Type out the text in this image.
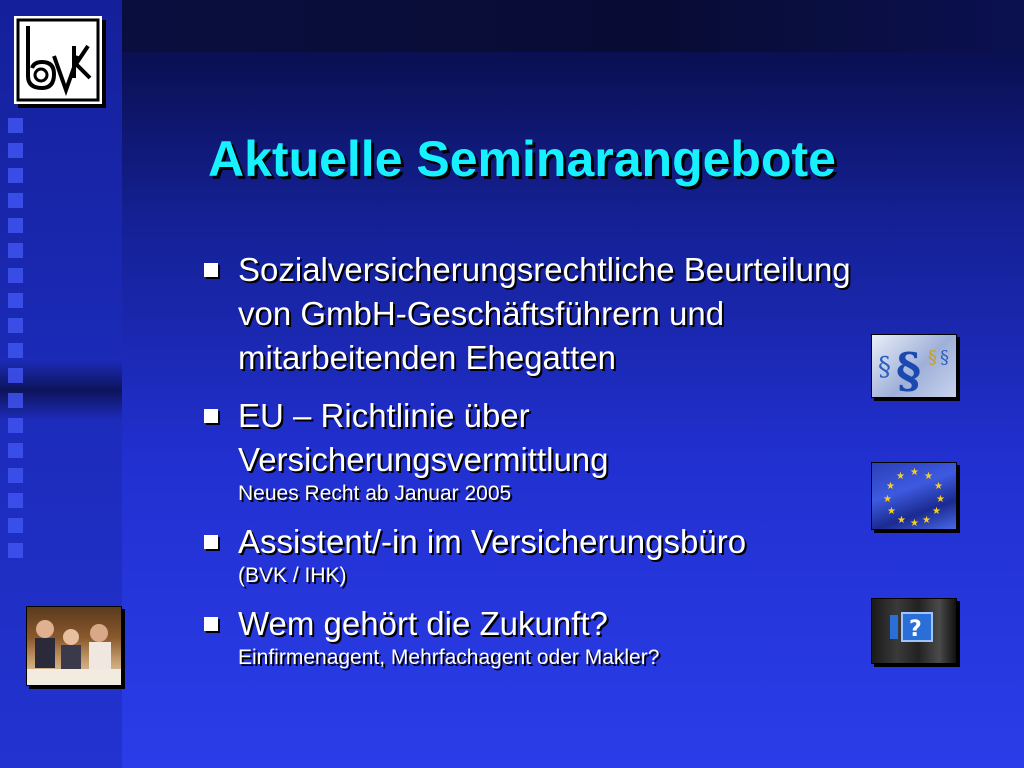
Aktuelle Seminarangebote
Sozialversicherungsrechtliche Beurteilung
von GmbH-Geschäftsführern und
mitarbeitenden Ehegatten
EU – Richtlinie über
Versicherungsvermittlung
Neues Recht ab Januar 2005
Assistent/-in im Versicherungsbüro
(BVK / IHK)
Wem gehört die Zukunft?
Einfirmenagent, Mehrfachagent oder Makler?
§ § § §
★ ★
★
★
★
★
★
★
★
★
★
★
?
